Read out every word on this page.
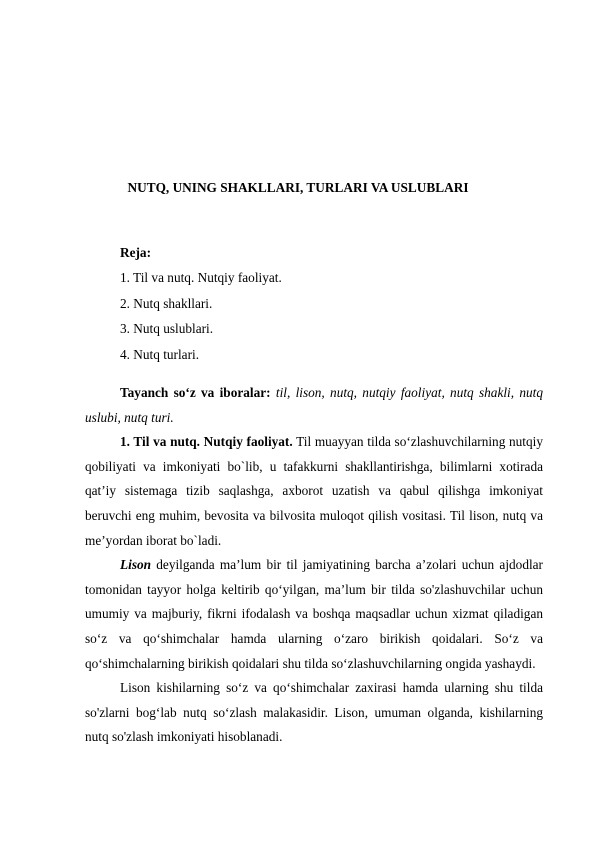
NUTQ, UNING SHAKLLARI, TURLARI VA USLUBLARI
Reja:
1. Til va nutq. Nutqiy faoliyat.
2. Nutq shakllari.
3. Nutq uslublari.
4. Nutq turlari.

Tayanch so‘z va iboralar: til, lison, nutq, nutqiy faoliyat, nutq shakli, nutq uslubi, nutq turi.

1. Til va nutq. Nutqiy faoliyat. Til muayyan tilda so‘zlashuvchilarning nutqiy qobiliyati va imkoniyati bo`lib, u tafakkurni shakllantirishga, bilimlarni xotirada qat’iy sistemaga tizib saqlashga, axborot uzatish va qabul qilishga imkoniyat beruvchi eng muhim, bevosita va bilvosita muloqot qilish vositasi. Til lison, nutq va me’yordan iborat bo`ladi.

Lison deyilganda ma’lum bir til jamiyatining barcha a’zolari uchun ajdodlar tomonidan tayyor holga keltirib qo‘yilgan, ma’lum bir tilda so'zlashuvchilar uchun umumiy va majburiy, fikrni ifodalash va boshqa maqsadlar uchun xizmat qiladigan so‘z va qo‘shimchalar hamda ularning o‘zaro birikish qoidalari. So‘z va qo‘shimchalarning birikish qoidalari shu tilda so‘zlashuvchilarning ongida yashaydi.

Lison kishilarning so‘z va qo‘shimchalar zaxirasi hamda ularning shu tilda so'zlarni bog‘lab nutq so‘zlash malakasidir. Lison, umuman olganda, kishilarning nutq so'zlash imkoniyati hisoblanadi.
